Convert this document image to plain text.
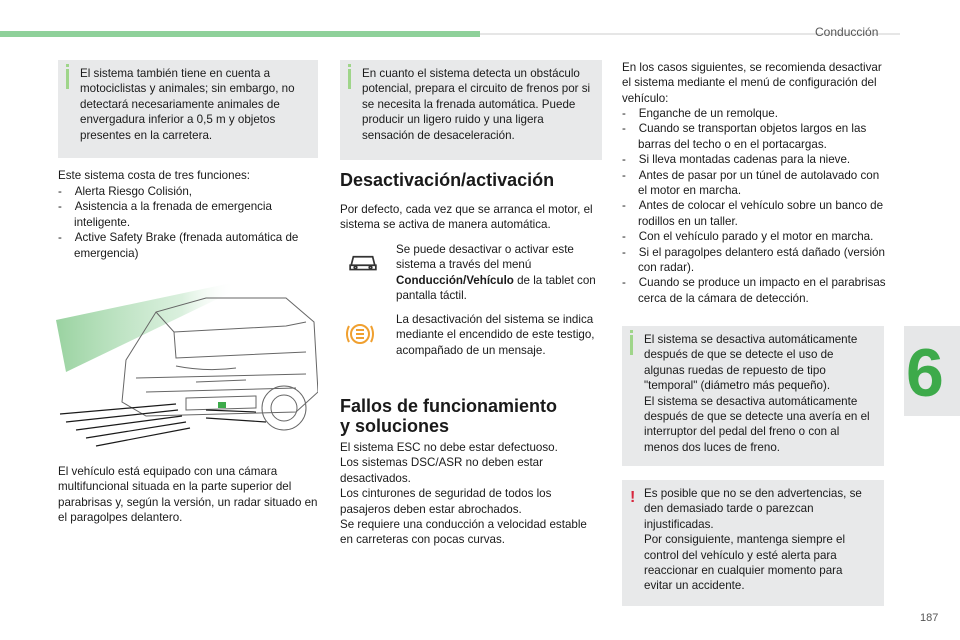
Conducción
6
187
El sistema también tiene en cuenta a motociclistas y animales; sin embargo, no detectará necesariamente animales de envergadura inferior a 0,5 m y objetos presentes en la carretera.
Este sistema costa de tres funciones:
-    Alerta Riesgo Colisión,
-    Asistencia a la frenada de emergencia inteligente.
-    Active Safety Brake (frenada automática de emergencia)
El vehículo está equipado con una cámara multifuncional situada en la parte superior del parabrisas y, según la versión, un radar situado en el paragolpes delantero.
En cuanto el sistema detecta un obstáculo potencial, prepara el circuito de frenos por si se necesita la frenada automática. Puede producir un ligero ruido y una ligera sensación de desaceleración.
Desactivación/activación
Por defecto, cada vez que se arranca el motor, el sistema se activa de manera automática.
Se puede desactivar o activar este sistema a través del menú Conducción/Vehículo de la tablet con pantalla táctil.
La desactivación del sistema se indica mediante el encendido de este testigo, acompañado de un mensaje.
Fallos de funcionamiento
y soluciones
El sistema ESC no debe estar defectuoso.
Los sistemas DSC/ASR no deben estar desactivados.
Los cinturones de seguridad de todos los pasajeros deben estar abrochados.
Se requiere una conducción a velocidad estable en carreteras con pocas curvas.
En los casos siguientes, se recomienda desactivar el sistema mediante el menú de configuración del vehículo:
-    Enganche de un remolque.
-    Cuando se transportan objetos largos en las barras del techo o en el portacargas.
-    Si lleva montadas cadenas para la nieve.
-    Antes de pasar por un túnel de autolavado con el motor en marcha.
-    Antes de colocar el vehículo sobre un banco de rodillos en un taller.
-    Con el vehículo parado y el motor en marcha.
-    Si el paragolpes delantero está dañado (versión con radar).
-    Cuando se produce un impacto en el parabrisas cerca de la cámara de detección.
El sistema se desactiva automáticamente después de que se detecte el uso de algunas ruedas de repuesto de tipo "temporal" (diámetro más pequeño).
El sistema se desactiva automáticamente después de que se detecte una avería en el interruptor del pedal del freno o con al menos dos luces de freno.
! Es posible que no se den advertencias, se den demasiado tarde o parezcan injustificadas.
Por consiguiente, mantenga siempre el control del vehículo y esté alerta para reaccionar en cualquier momento para evitar un accidente.
